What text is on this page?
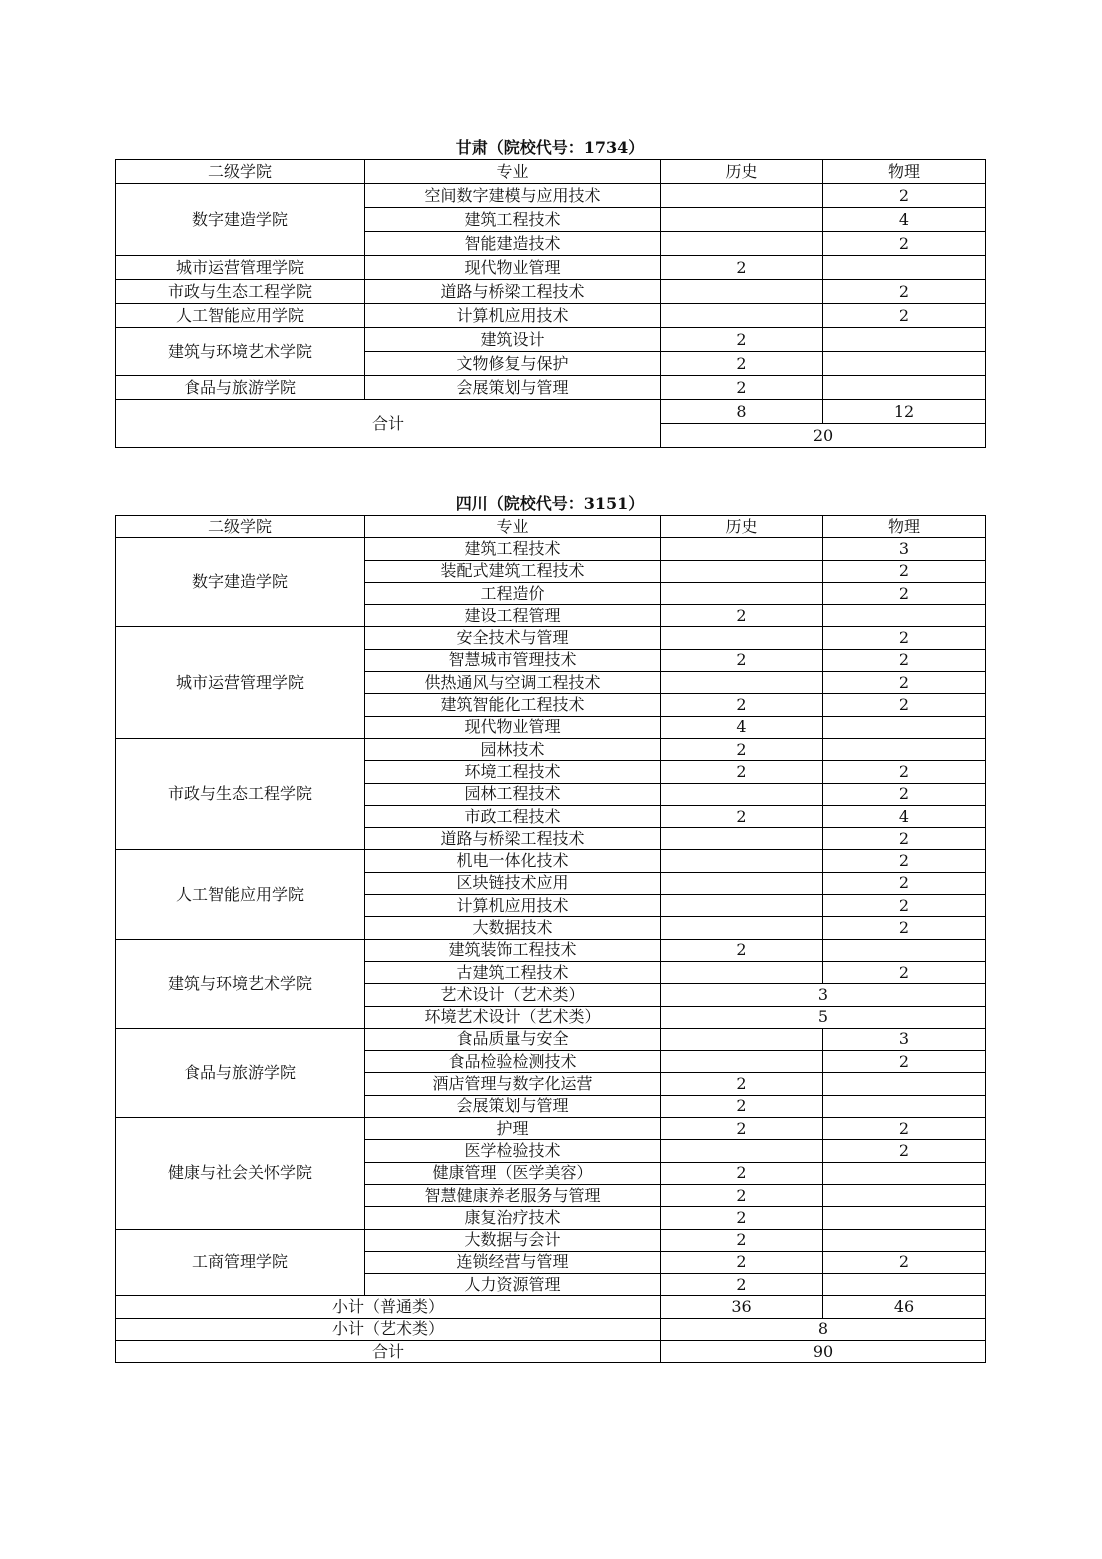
甘肃（院校代号：1734）
二级学院	专业	历史	物理
数字建造学院	空间数字建模与应用技术		2
	建筑工程技术		4
	智能建造技术		2
城市运营管理学院	现代物业管理	2	
市政与生态工程学院	道路与桥梁工程技术		2
人工智能应用学院	计算机应用技术		2
建筑与环境艺术学院	建筑设计	2	
	文物修复与保护	2	
食品与旅游学院	会展策划与管理	2	
合计		8	12
		20	
四川（院校代号：3151）
二级学院	专业	历史	物理
数字建造学院	建筑工程技术		3
	装配式建筑工程技术		2
	工程造价		2
	建设工程管理	2	
城市运营管理学院	安全技术与管理		2
	智慧城市管理技术	2	2
	供热通风与空调工程技术		2
	建筑智能化工程技术	2	2
	现代物业管理	4	
市政与生态工程学院	园林技术	2	
	环境工程技术	2	2
	园林工程技术		2
	市政工程技术	2	4
	道路与桥梁工程技术		2
人工智能应用学院	机电一体化技术		2
	区块链技术应用		2
	计算机应用技术		2
	大数据技术		2
建筑与环境艺术学院	建筑装饰工程技术	2	
	古建筑工程技术		2
	艺术设计（艺术类）	3	
	环境艺术设计（艺术类）	5	
食品与旅游学院	食品质量与安全		3
	食品检验检测技术		2
	酒店管理与数字化运营	2	
	会展策划与管理	2	
健康与社会关怀学院	护理	2	2
	医学检验技术		2
	健康管理（医学美容）	2	
	智慧健康养老服务与管理	2	
	康复治疗技术	2	
工商管理学院	大数据与会计	2	
	连锁经营与管理	2	2
	人力资源管理	2	
小计（普通类）		36	46
小计（艺术类）		8	
合计		90	
